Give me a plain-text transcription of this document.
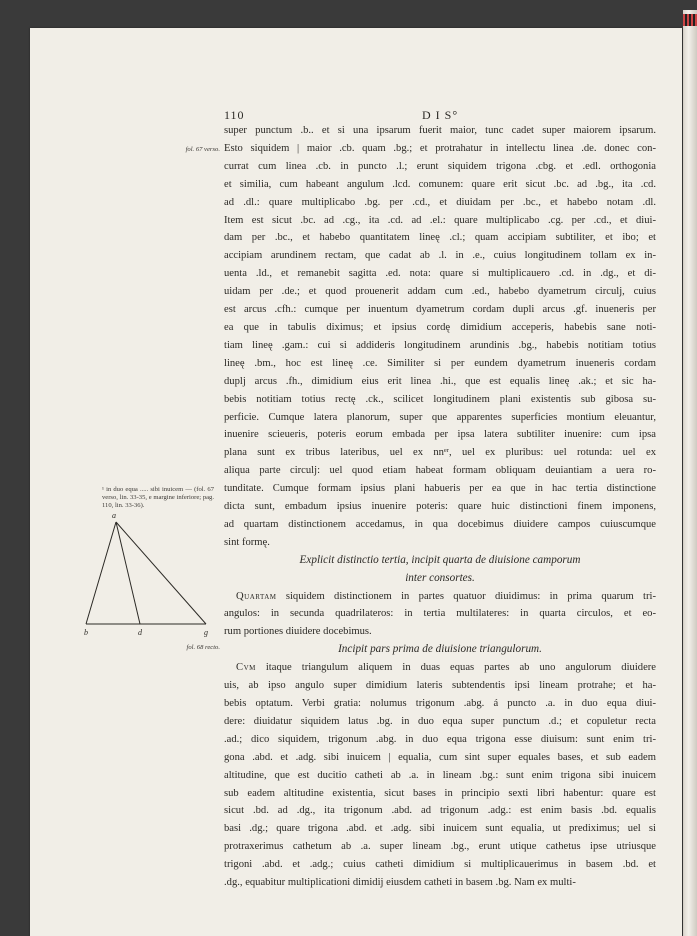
110	D I S°
fol. 67 verso.
¹ in duo equa ..... sibi inuicem — (fol. 67 verso, lin. 33-35, e margine inferiore; pag. 110, lin. 33-36).
fol. 68 recto.
a
b	d	g

super punctum .b.. et si una ipsarum fuerit maior, tunc cadet super maiorem ipsarum.

Esto siquidem | maior .cb. quam .bg.; et protrahatur in intellectu linea .de. donec con-

currat cum linea .cb. in puncto .l.; erunt siquidem trigona .cbg. et .edl. orthogonia

et similia, cum habeant angulum .lcd. comunem: quare erit sicut .bc. ad .bg., ita .cd.

ad .dl.: quare multiplicabo .bg. per .cd., et diuidam per .bc., et habebo notam .dl.

Item est sicut .bc. ad .cg., ita .cd. ad .el.: quare multiplicabo .cg. per .cd., et diui-

dam per .bc., et habebo quantitatem lineę .cl.; quam accipiam subtiliter, et ibo; et

accipiam arundinem rectam, que cadat ab .l. in .e., cuius longitudinem tollam ex in-

uenta .ld., et remanebit sagitta .ed. nota: quare si multiplicauero .cd. in .dg., et di-

uidam per .de.; et quod prouenerit addam cum .ed., habebo dyametrum circulj, cuius

est arcus .cfh.: cumque per inuentum dyametrum cordam dupli arcus .gf. inueneris per

ea que in tabulis diximus; et ipsius cordę dimidium acceperis, habebis sane noti-

tiam lineę .gam.: cui si addideris longitudinem arundinis .bg., habebis notitiam totius

lineę .bm., hoc est lineę .ce. Similiter si per eundem dyametrum inueneris cordam

duplj arcus .fh., dimidium eius erit linea .hi., que est equalis lineę .ak.; et sic ha-

bebis notitiam totius rectę .ck., scilicet longitudinem plani existentis sub gibosa su-

perficie. Cumque latera planorum, super que apparentes superficies montium eleuantur,

inuenire scieueris, poteris eorum embada per ipsa latera subtiliter inuenire: cum ipsa

plana sunt ex tribus lateribus, uel ex nnᵉʳ, uel ex pluribus: uel rotunda: uel ex

aliqua parte circulj: uel quod etiam habeat formam obliquam deuiantiam a uera ro-

tunditate. Cumque formam ipsius plani habueris per ea que in hac tertia distinctione

dicta sunt, embadum ipsius inuenire poteris: quare huic distinctioni finem imponens,

ad quartam distinctionem accedamus, in qua docebimus diuidere campos cuiuscumque

sint formę.

Explicit distinctio tertia, incipit quarta de diuisione camporum

inter consortes.

Quartam siquidem distinctionem in partes quatuor diuidimus: in prima quarum tri-

angulos: in secunda quadrilateros: in tertia multilateres: in quarta circulos, et eo-

rum portiones diuidere docebimus.

Incipit pars prima de diuisione triangulorum.

Cvm itaque triangulum aliquem in duas equas partes ab uno angulorum diuidere

uis, ab ipso angulo super dimidium lateris subtendentis ipsi lineam protrahe; et ha-

bebis optatum. Verbi gratia: nolumus trigonum .abg. á puncto .a. in duo equa diui-

dere: diuidatur siquidem latus .bg. in duo equa super punctum .d.; et copuletur recta

.ad.; dico siquidem, trigonum .abg. in duo equa trigona esse diuisum: sunt enim tri-

gona .abd. et .adg. sibi inuicem | equalia, cum sint super equales bases, et sub eadem

altitudine, que est ducitio catheti ab .a. in lineam .bg.: sunt enim trigona sibi inuicem

sub eadem altitudine existentia, sicut bases in principio sexti libri habentur: quare est

sicut .bd. ad .dg., ita trigonum .abd. ad trigonum .adg.: est enim basis .bd. equalis

basi .dg.; quare trigona .abd. et .adg. sibi inuicem sunt equalia, ut prediximus; uel si

protraxerimus cathetum ab .a. super lineam .bg., erunt utique cathetus ipse utriusque

trigoni .abd. et .adg.; cuius catheti dimidium si multiplicauerimus in basem .bd. et

.dg., equabitur multiplicationi dimidij eiusdem catheti in basem .bg. Nam ex multi-
